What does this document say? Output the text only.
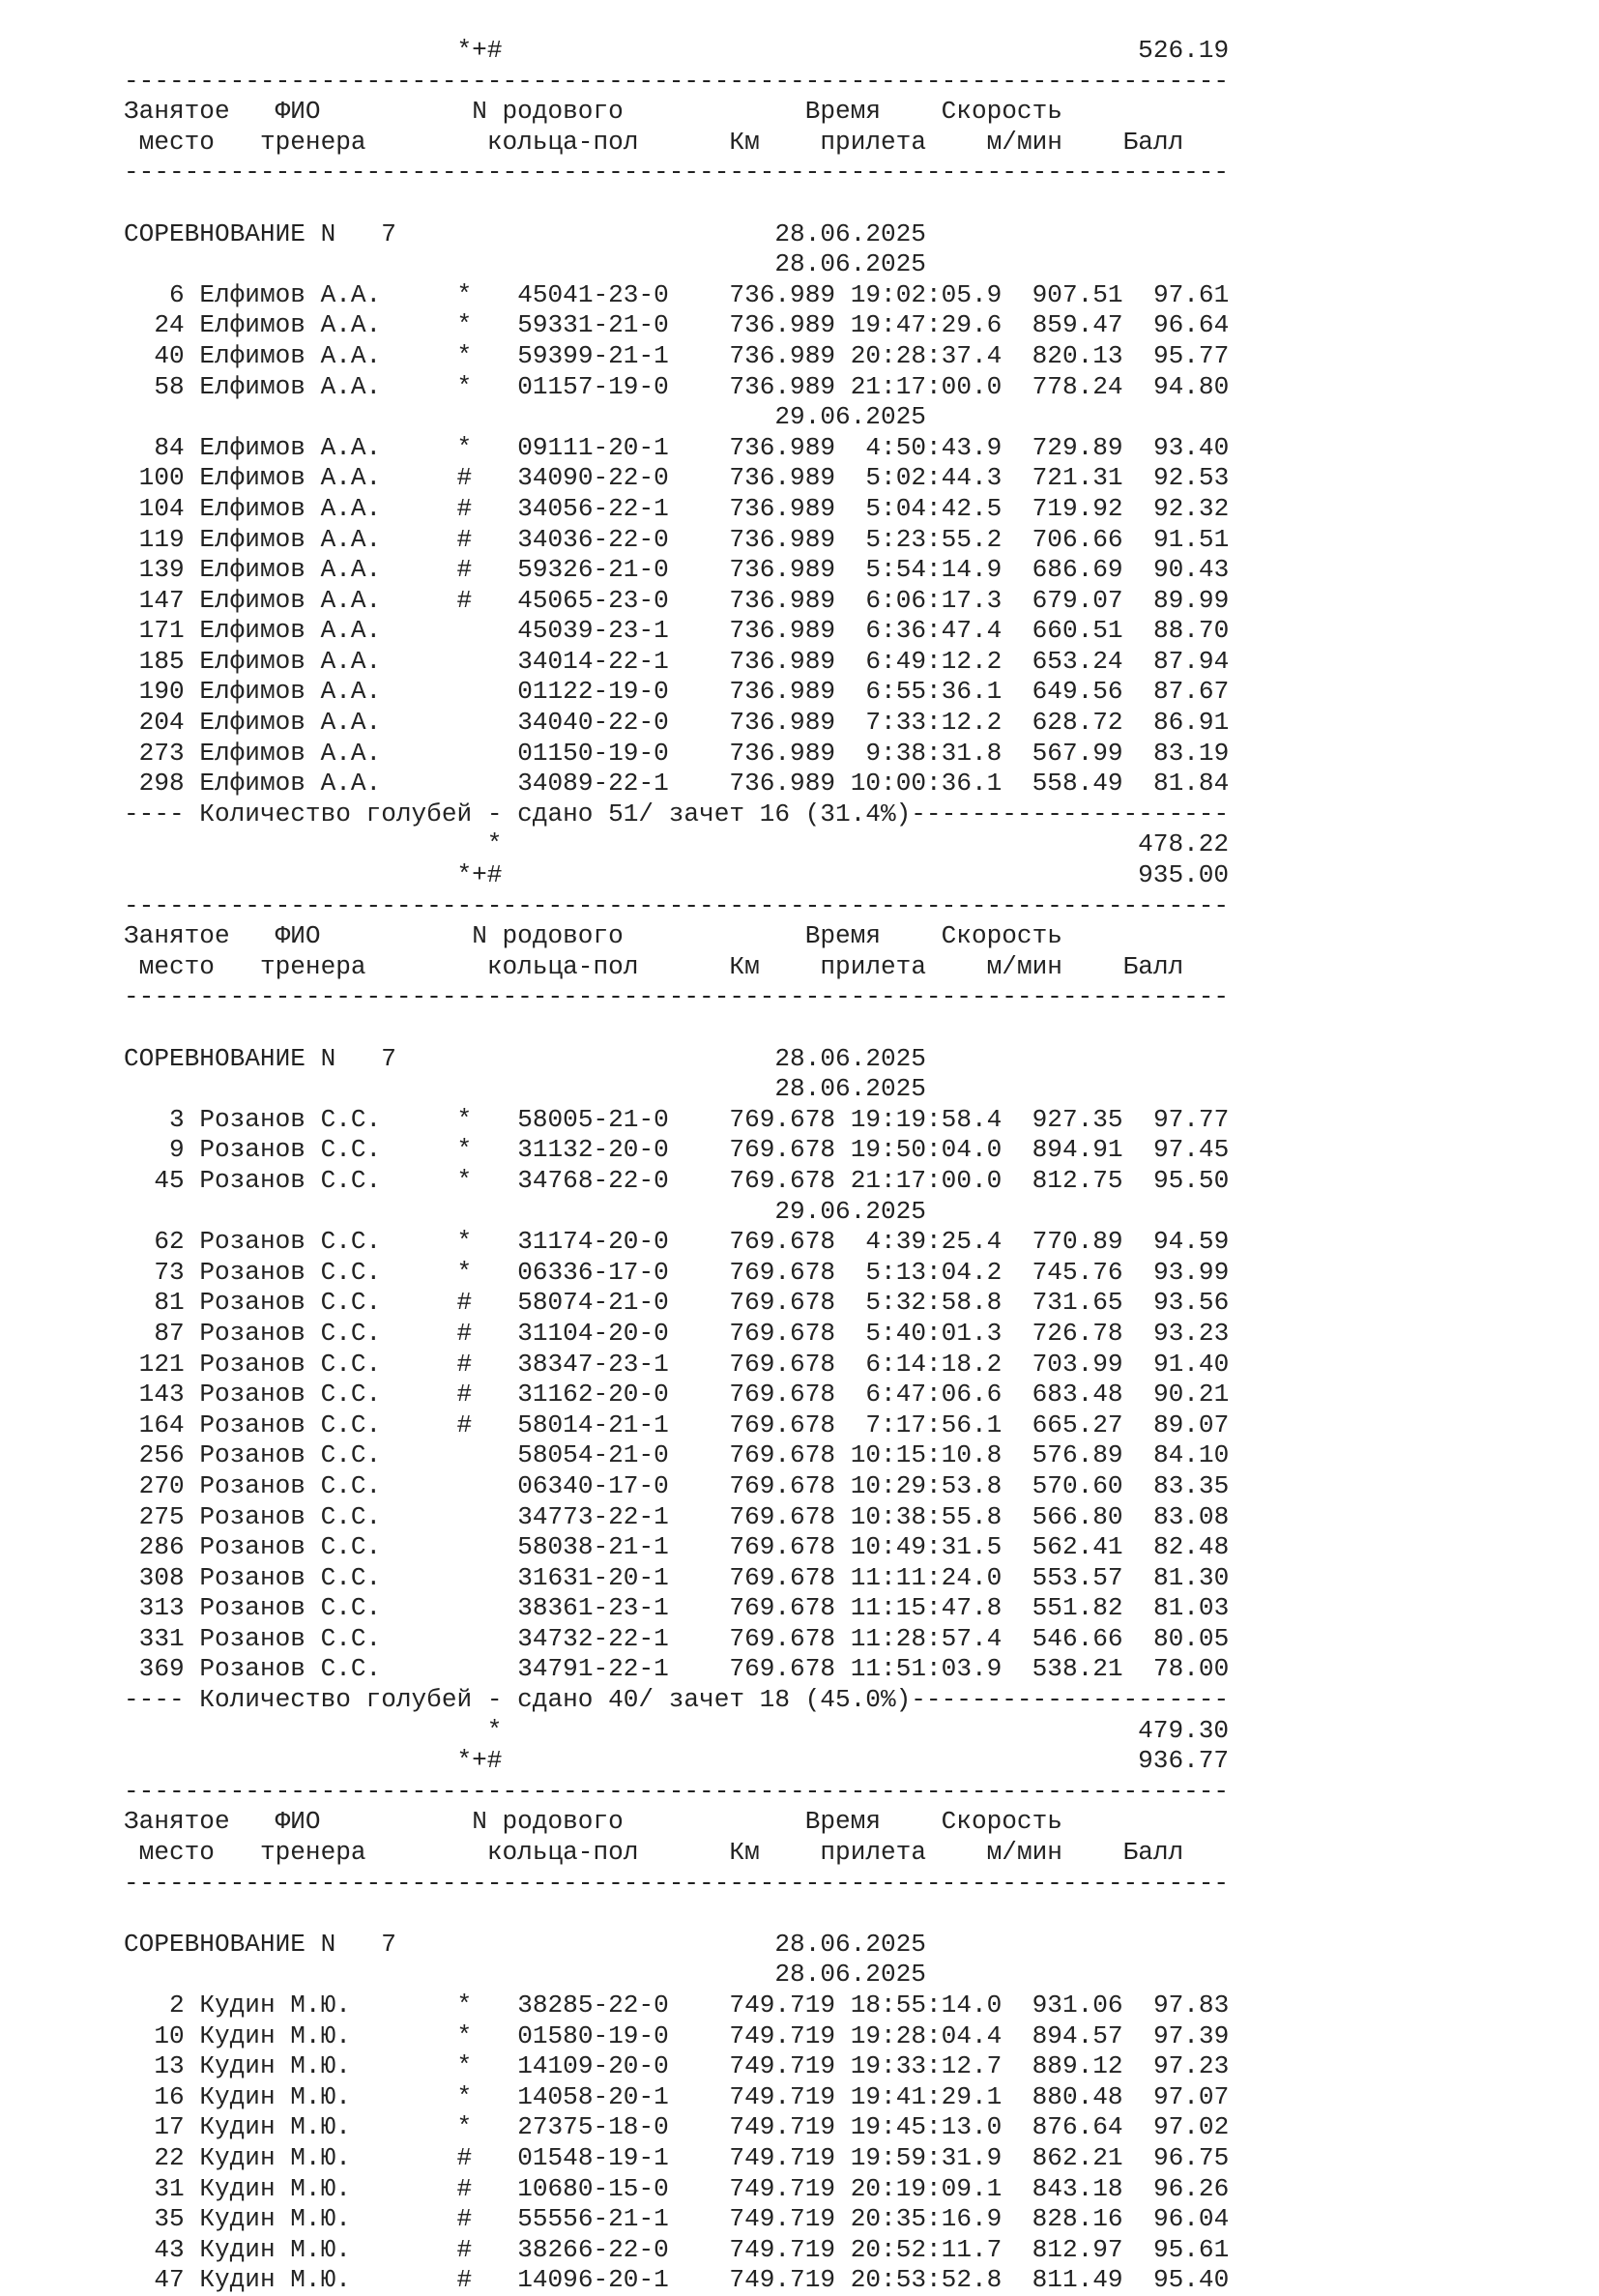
*+#	526.19
-------------------------------------------------------------------------
Занятое ФИО	N родового	Время Скорость
место тренера	кольца-пол	Км прилета м/мин Балл
-------------------------------------------------------------------------
СОРЕВНОВАНИЕ N 7	28.06.2025
28.06.2025
6 Елфимов А.А.     * 45041-23-0    736.989 19:02:05.9  907.51 97.61
24 Елфимов А.А.     * 59331-21-0    736.989 19:47:29.6  859.47 96.64
40 Елфимов А.А.     * 59399-21-1    736.989 20:28:37.4  820.13 95.77
58 Елфимов А.А.     * 01157-19-0    736.989 21:17:00.0  778.24 94.80
29.06.2025
84 Елфимов А.А.     * 09111-20-1    736.989  4:50:43.9  729.89 93.40
100 Елфимов А.А.     # 34090-22-0    736.989  5:02:44.3  721.31 92.53
104 Елфимов А.А.     # 34056-22-1    736.989  5:04:42.5  719.92 92.32
119 Елфимов А.А.     # 34036-22-0    736.989  5:23:55.2  706.66 91.51
139 Елфимов А.А.     # 59326-21-0    736.989  5:54:14.9  686.69 90.43
147 Елфимов А.А.     # 45065-23-0    736.989  6:06:17.3  679.07 89.99
171 Елфимов А.А.	45039-23-1    736.989  6:36:47.4  660.51 88.70
185 Елфимов А.А.	34014-22-1    736.989  6:49:12.2  653.24 87.94
190 Елфимов А.А.	01122-19-0    736.989  6:55:36.1  649.56 87.67
204 Елфимов А.А.	34040-22-0    736.989  7:33:12.2  628.72 86.91
273 Елфимов А.А.	01150-19-0    736.989  9:38:31.8  567.99 83.19
298 Елфимов А.А.	34089-22-1    736.989 10:00:36.1  558.49 81.84
---- Количество голубей - сдано 51/ зачет 16 (31.4%)---------------------
*                                          478.22
*+#                                          935.00
-------------------------------------------------------------------------
Занятое ФИО	N родового	Время Скорость
место тренера	кольца-пол	Км прилета м/мин Балл
-------------------------------------------------------------------------
СОРЕВНОВАНИЕ N 7	28.06.2025
28.06.2025
3 Розанов С.С.     * 58005-21-0    769.678 19:19:58.4  927.35 97.77
9 Розанов С.С.     * 31132-20-0    769.678 19:50:04.0  894.91 97.45
45 Розанов С.С.     * 34768-22-0    769.678 21:17:00.0  812.75 95.50
29.06.2025
62 Розанов С.С.     * 31174-20-0    769.678  4:39:25.4  770.89 94.59
73 Розанов С.С.     * 06336-17-0    769.678  5:13:04.2  745.76 93.99
81 Розанов С.С.     # 58074-21-0    769.678  5:32:58.8  731.65 93.56
87 Розанов С.С.     # 31104-20-0    769.678  5:40:01.3  726.78 93.23
121 Розанов С.С.     # 38347-23-1    769.678  6:14:18.2  703.99 91.40
143 Розанов С.С.     # 31162-20-0    769.678  6:47:06.6  683.48 90.21
164 Розанов С.С.     # 58014-21-1    769.678  7:17:56.1  665.27 89.07
256 Розанов С.С.	58054-21-0    769.678 10:15:10.8  576.89 84.10
270 Розанов С.С.	06340-17-0    769.678 10:29:53.8  570.60 83.35
275 Розанов С.С.	34773-22-1    769.678 10:38:55.8  566.80 83.08
286 Розанов С.С.	58038-21-1    769.678 10:49:31.5  562.41 82.48
308 Розанов С.С.	31631-20-1    769.678 11:11:24.0  553.57 81.30
313 Розанов С.С.	38361-23-1    769.678 11:15:47.8  551.82 81.03
331 Розанов С.С.	34732-22-1    769.678 11:28:57.4  546.66 80.05
369 Розанов С.С.	34791-22-1    769.678 11:51:03.9  538.21 78.00
---- Количество голубей - сдано 40/ зачет 18 (45.0%)---------------------
*                                          479.30
*+#                                          936.77
-------------------------------------------------------------------------
Занятое ФИО	N родового	Время Скорость
место тренера	кольца-пол	Км прилета м/мин Балл
-------------------------------------------------------------------------
СОРЕВНОВАНИЕ N 7	28.06.2025
28.06.2025
2 Кудин М.Ю.       * 38285-22-0    749.719 18:55:14.0  931.06 97.83
10 Кудин М.Ю.       * 01580-19-0    749.719 19:28:04.4  894.57 97.39
13 Кудин М.Ю.       * 14109-20-0    749.719 19:33:12.7  889.12 97.23
16 Кудин М.Ю.       * 14058-20-1    749.719 19:41:29.1  880.48 97.07
17 Кудин М.Ю.       * 27375-18-0    749.719 19:45:13.0  876.64 97.02
22 Кудин М.Ю.       # 01548-19-1    749.719 19:59:31.9  862.21 96.75
31 Кудин М.Ю.       # 10680-15-0    749.719 20:19:09.1  843.18 96.26
35 Кудин М.Ю.       # 55556-21-1    749.719 20:35:16.9  828.16 96.04
43 Кудин М.Ю.       # 38266-22-0    749.719 20:52:11.7  812.97 95.61
47 Кудин М.Ю.       # 14096-20-1    749.719 20:53:52.8  811.49 95.40
